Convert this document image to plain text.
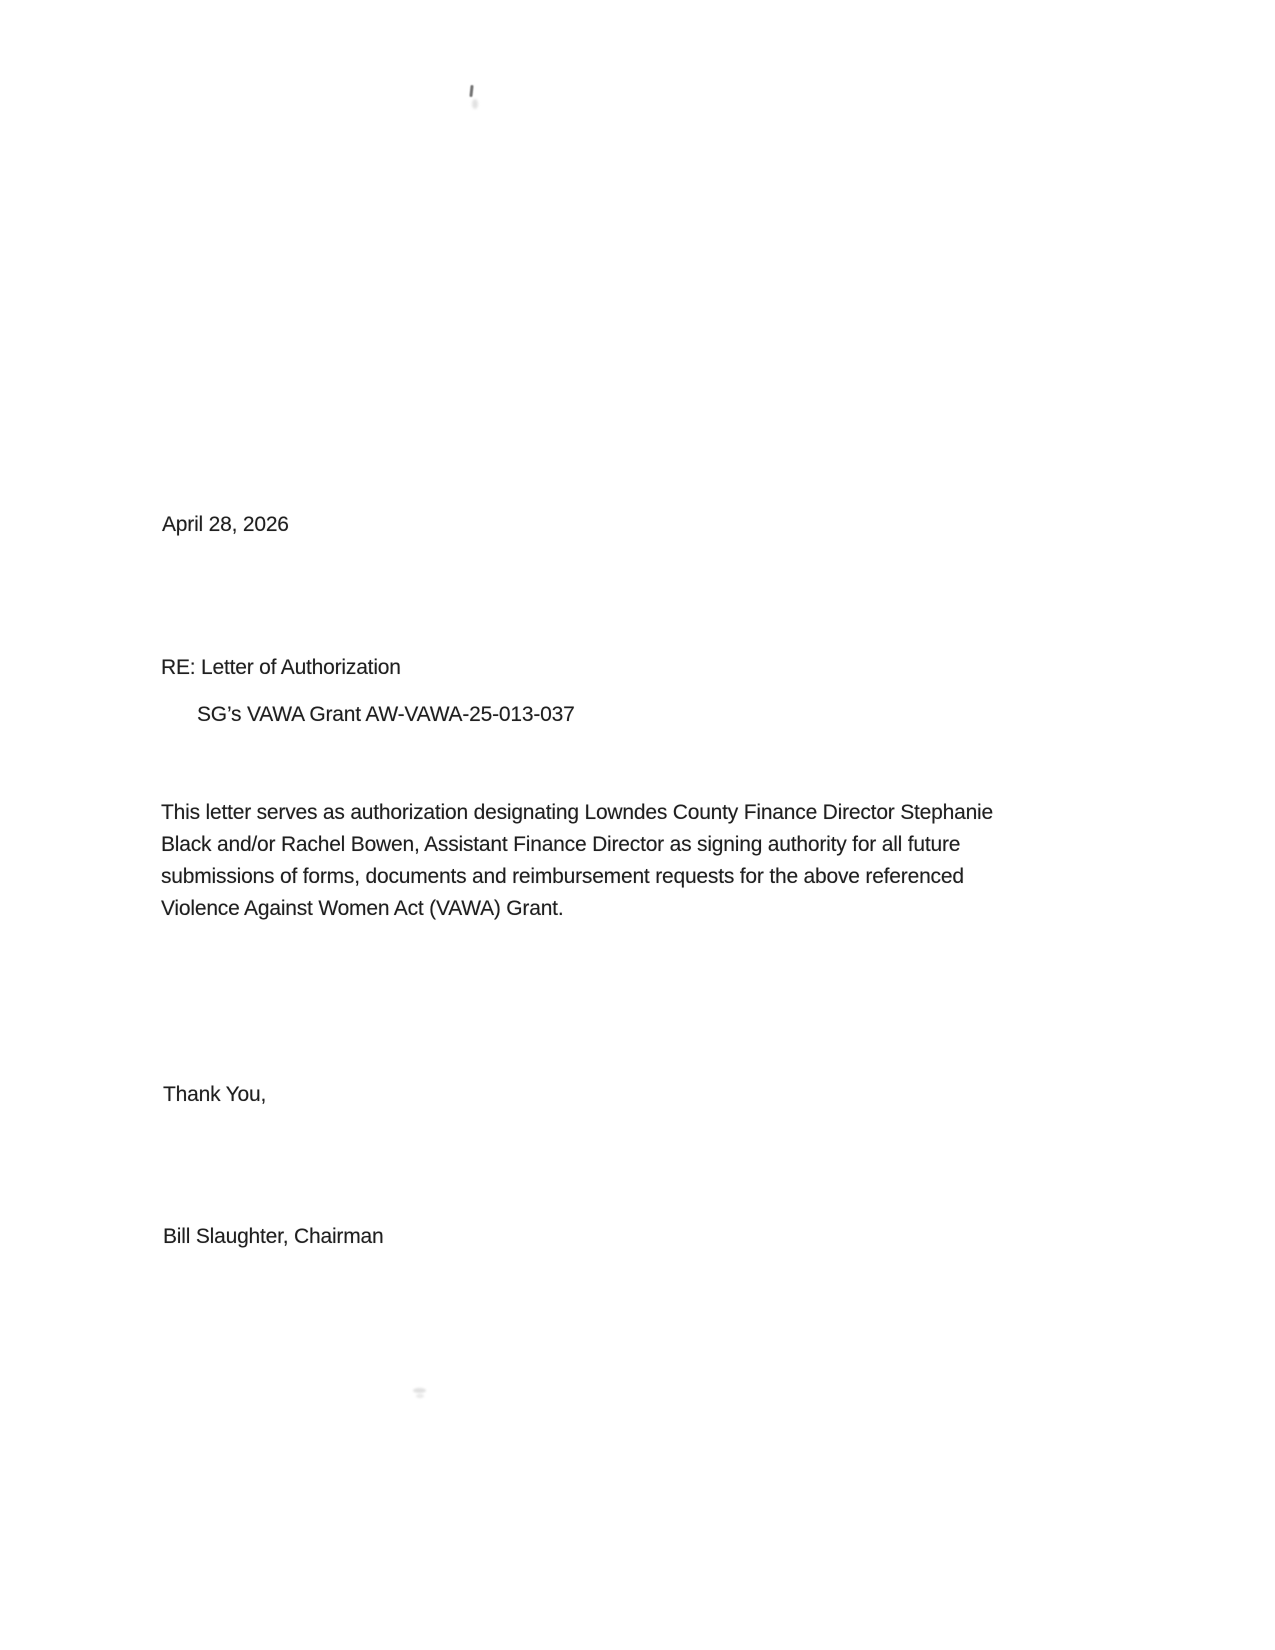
April 28, 2026
RE: Letter of Authorization
SG’s VAWA Grant AW-VAWA-25-013-037
This letter serves as authorization designating Lowndes County Finance Director Stephanie
Black and/or Rachel Bowen, Assistant Finance Director as signing authority for all future
submissions of forms, documents and reimbursement requests for the above referenced
Violence Against Women Act (VAWA) Grant.
Thank You,
Bill Slaughter, Chairman
